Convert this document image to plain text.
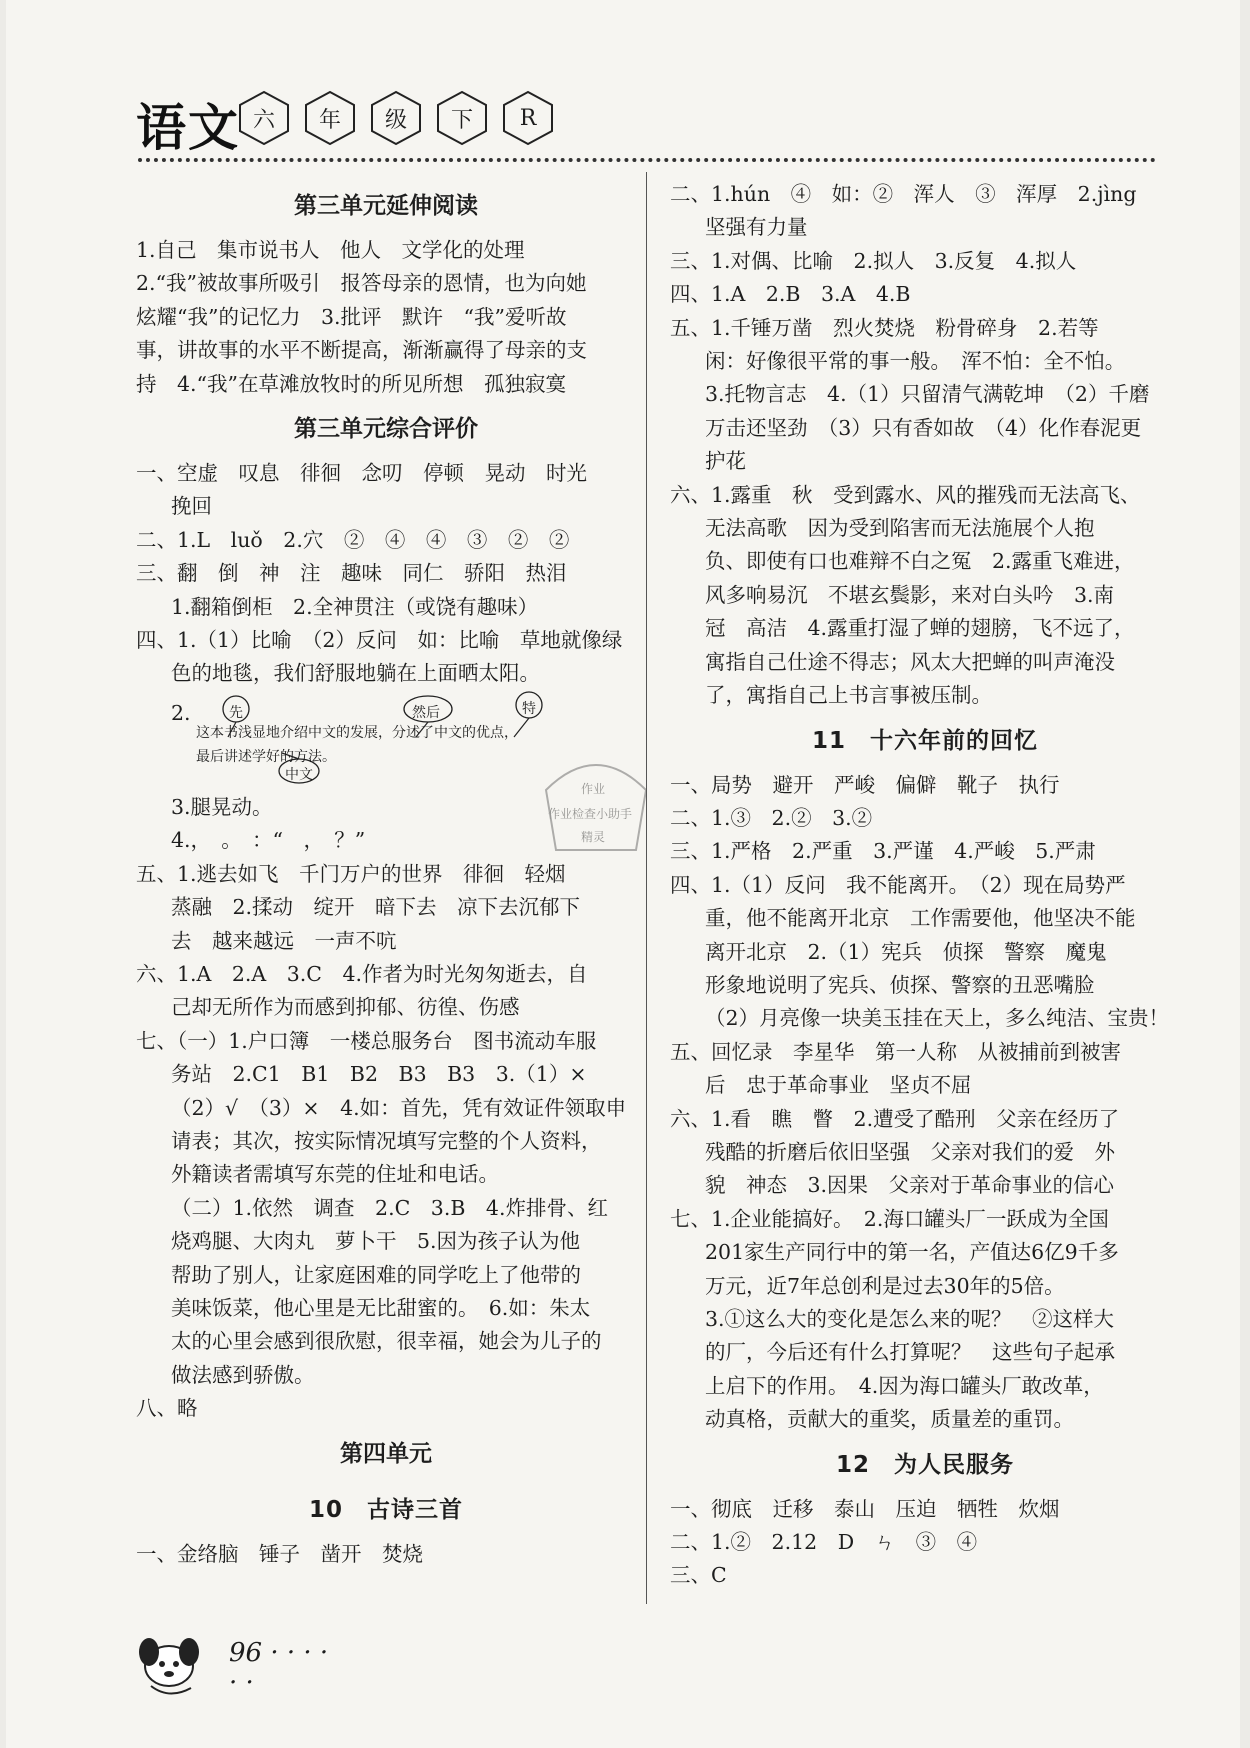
语文 六 年 级 下 R
第三单元延伸阅读
1.自己　集市说书人　他人　文学化的处理
2.“我”被故事所吸引　报答母亲的恩情，也为向她
炫耀“我”的记忆力　3.批评　默许　“我”爱听故
事，讲故事的水平不断提高，渐渐赢得了母亲的支
持　4.“我”在草滩放牧时的所见所想　孤独寂寞
第三单元综合评价
一、空虚　叹息　徘徊　念叨　停顿　晃动　时光
挽回
二、1.L　luǒ　2.穴　②　④　④　③　②　②
三、翻　倒　神　注　趣味　同仁　骄阳　热泪
1.翻箱倒柜　2.全神贯注（或饶有趣味）
四、1.（1）比喻　（2）反问　如：比喻　草地就像绿
色的地毯，我们舒服地躺在上面晒太阳。
2.	先	然后	特
中文
这本书浅显地介绍中文的发展，分述了中文的优点，
最后讲述学好的方法。
3.腿晃动。
4.，　。　：“　，　？”
五、1.逃去如飞　千门万户的世界　徘徊　轻烟
蒸融　2.揉动　绽开　暗下去　凉下去沉郁下
去　越来越远　一声不吭
六、1.A　2.A　3.C　4.作者为时光匆匆逝去，自
己却无所作为而感到抑郁、彷徨、伤感
七、（一）1.户口簿　一楼总服务台　图书流动车服
务站　2.C1　B1　B2　B3　B3　3.（1）×
（2）√　（3）×　4.如：首先，凭有效证件领取申
请表；其次，按实际情况填写完整的个人资料，
外籍读者需填写东莞的住址和电话。
（二）1.依然　调查　2.C　3.B　4.炸排骨、红
烧鸡腿、大肉丸　萝卜干　5.因为孩子认为他
帮助了别人，让家庭困难的同学吃上了他带的
美味饭菜，他心里是无比甜蜜的。　6.如：朱太
太的心里会感到很欣慰，很幸福，她会为儿子的
做法感到骄傲。
八、略
第四单元
10　古诗三首
一、金络脑　锤子　凿开　焚烧
二、1.hún　④　如：②　浑人　③　浑厚　2.jìng
坚强有力量
三、1.对偶、比喻　2.拟人　3.反复　4.拟人
四、1.A　2.B　3.A　4.B
五、1.千锤万凿　烈火焚烧　粉骨碎身　2.若等
闲：好像很平常的事一般。　浑不怕：全不怕。
3.托物言志　4.（1）只留清气满乾坤　（2）千磨
万击还坚劲　（3）只有香如故　（4）化作春泥更
护花
六、1.露重　秋　受到露水、风的摧残而无法高飞、
无法高歌　因为受到陷害而无法施展个人抱
负、即使有口也难辩不白之冤　2.露重飞难进，
风多响易沉　不堪玄鬓影，来对白头吟　3.南
冠　高洁　4.露重打湿了蝉的翅膀，飞不远了，
寓指自己仕途不得志；风太大把蝉的叫声淹没
了，寓指自己上书言事被压制。
11　十六年前的回忆
一、局势　避开　严峻　偏僻　靴子　执行
二、1.③　2.②　3.②
三、1.严格　2.严重　3.严谨　4.严峻　5.严肃
四、1.（1）反问　我不能离开。　（2）现在局势严
重，他不能离开北京　工作需要他，他坚决不能
离开北京　2.（1）宪兵　侦探　警察　魔鬼
形象地说明了宪兵、侦探、警察的丑恶嘴脸
（2）月亮像一块美玉挂在天上，多么纯洁、宝贵！
五、回忆录　李星华　第一人称　从被捕前到被害
后　忠于革命事业　坚贞不屈
六、1.看　瞧　瞥　2.遭受了酷刑　父亲在经历了
残酷的折磨后依旧坚强　父亲对我们的爱　外
貌　神态　3.因果　父亲对于革命事业的信心
七、1.企业能搞好。　2.海口罐头厂一跃成为全国
201家生产同行中的第一名，产值达6亿9千多
万元，近7年总创利是过去30年的5倍。
3.①这么大的变化是怎么来的呢？　②这样大
的厂，今后还有什么打算呢？　这些句子起承
上启下的作用。　4.因为海口罐头厂敢改革，
动真格，贡献大的重奖，质量差的重罚。
12　为人民服务
一、彻底　迁移　泰山　压迫　牺牲　炊烟
二、1.②　2.12　D　ㄣ　③　④
三、C
作业
作业检查小助手
精灵
96 · · · · · ·
